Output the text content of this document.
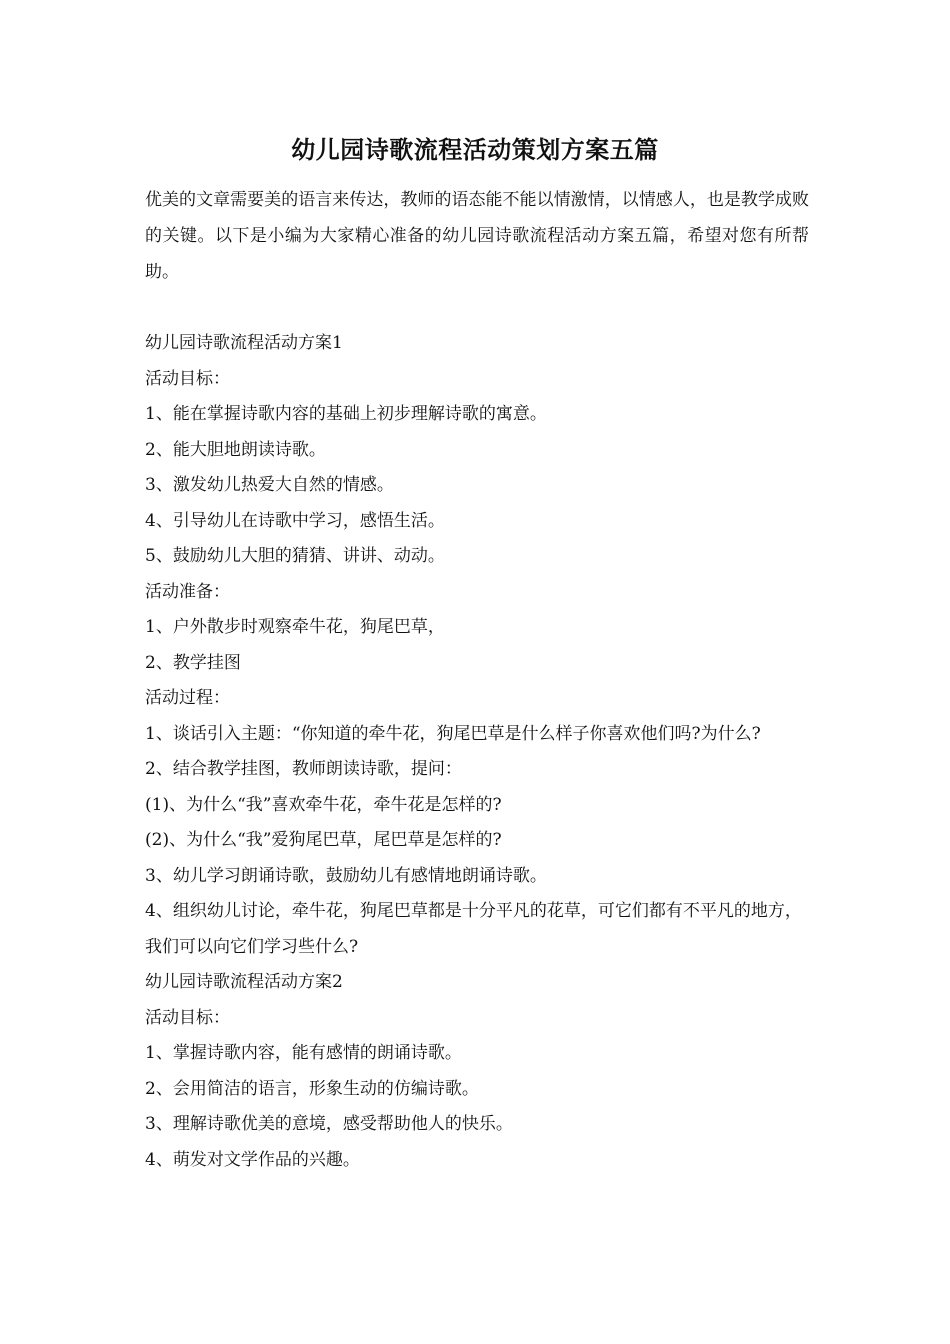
幼儿园诗歌流程活动策划方案五篇
优美的文章需要美的语言来传达，教师的语态能不能以情激情，以情感人，也是教学成败的关键。以下是小编为大家精心准备的幼儿园诗歌流程活动方案五篇，希望对您有所帮助。

幼儿园诗歌流程活动方案1

活动目标：

1、能在掌握诗歌内容的基础上初步理解诗歌的寓意。

2、能大胆地朗读诗歌。

3、激发幼儿热爱大自然的情感。

4、引导幼儿在诗歌中学习，感悟生活。

5、鼓励幼儿大胆的猜猜、讲讲、动动。

活动准备：

1、户外散步时观察牵牛花，狗尾巴草，

2、教学挂图

活动过程：

1、谈话引入主题：“你知道的牵牛花，狗尾巴草是什么样子你喜欢他们吗?为什么?

2、结合教学挂图，教师朗读诗歌，提问：

(1)、为什么“我”喜欢牵牛花，牵牛花是怎样的?

(2)、为什么“我”爱狗尾巴草，尾巴草是怎样的?

3、幼儿学习朗诵诗歌，鼓励幼儿有感情地朗诵诗歌。

4、组织幼儿讨论，牵牛花，狗尾巴草都是十分平凡的花草，可它们都有不平凡的地方，我们可以向它们学习些什么?

幼儿园诗歌流程活动方案2

活动目标：

1、掌握诗歌内容，能有感情的朗诵诗歌。

2、会用简洁的语言，形象生动的仿编诗歌。

3、理解诗歌优美的意境，感受帮助他人的快乐。

4、萌发对文学作品的兴趣。
